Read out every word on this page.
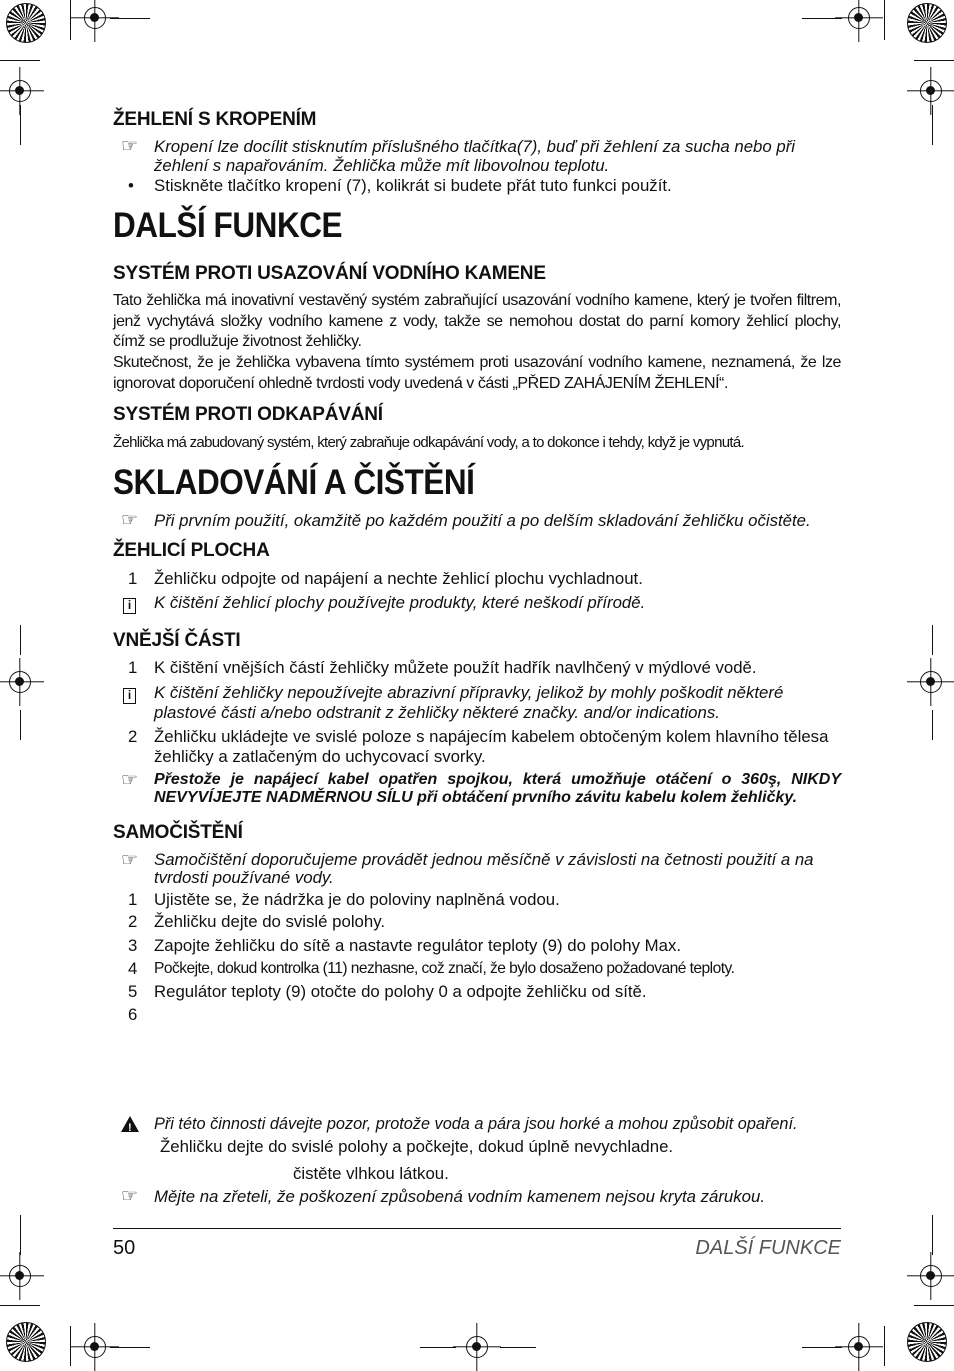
ŽEHLENÍ S KROPENÍM
☞ Kropení lze docílit stisknutím příslušného tlačítka(7), buď při žehlení za sucha nebo při žehlení s napařováním. Žehlička může mít libovolnou teplotu.
•	Stiskněte tlačítko kropení (7), kolikrát si budete přát tuto funkci použít.
DALŠÍ FUNKCE
SYSTÉM PROTI USAZOVÁNÍ VODNÍHO KAMENE
Tato žehlička má inovativní vestavěný systém zabraňující usazování vodního kamene, který je tvořen filtrem, jenž vychytává složky vodního kamene z vody, takže se nemohou dostat do parní komory žehlicí plochy, čímž se prodlužuje životnost žehličky.
Skutečnost, že je žehlička vybavena tímto systémem proti usazování vodního kamene, neznamená, že lze ignorovat doporučení ohledně tvrdosti vody uvedená v části „PŘED ZAHÁJENÍM ŽEHLENÍ“.
SYSTÉM PROTI ODKAPÁVÁNÍ
Žehlička má zabudovaný systém, který zabraňuje odkapávání vody, a to dokonce i tehdy, když je vypnutá.
SKLADOVÁNÍ A ČIŠTĚNÍ
☞ Při prvním použití, okamžitě po každém použití a po delším skladování žehličku očistěte.
ŽEHLICÍ PLOCHA
1 Žehličku odpojte od napájení a nechte žehlicí plochu vychladnout.
i	K čištění žehlicí plochy používejte produkty, které neškodí přírodě.
VNĚJŠÍ ČÁSTI
1 K čištění vnějších částí žehličky můžete použít hadřík navlhčený v mýdlové vodě.
i	K čištění žehličky nepoužívejte abrazivní přípravky, jelikož by mohly poškodit některé plastové části a/nebo odstranit z žehličky některé značky. and/or indications.
2 Žehličku ukládejte ve svislé poloze s napájecím kabelem obtočeným kolem hlavního tělesa žehličky a zatlačeným do uchycovací svorky.
☞ Přestože je napájecí kabel opatřen spojkou, která umožňuje otáčení o 360ş, NIKDY NEVYVÍJEJTE NADMĚRNOU SÍLU při obtáčení prvního závitu kabelu kolem žehličky.
SAMOČIŠTĚNÍ
☞ Samočištění doporučujeme provádět jednou měsíčně v závislosti na četnosti použití a na tvrdosti používané vody.
1 Ujistěte se, že nádržka je do poloviny naplněná vodou.
2 Žehličku dejte do svislé polohy.
3 Zapojte žehličku do sítě a nastavte regulátor teploty (9) do polohy Max.
4	Počkejte, dokud kontrolka (11) nezhasne, což značí, že bylo dosaženo požadované teploty.
5 Regulátor teploty (9) otočte do polohy 0 a odpojte žehličku od sítě.
6
!
Při této činnosti dávejte pozor, protože voda a pára jsou horké a mohou způsobit opaření.
Žehličku dejte do svislé polohy a počkejte, dokud úplně nevychladne.
čistěte vlhkou látkou.
☞ Mějte na zřeteli, že poškození způsobená vodním kamenem nejsou kryta zárukou.
50	DALŠÍ FUNKCE
